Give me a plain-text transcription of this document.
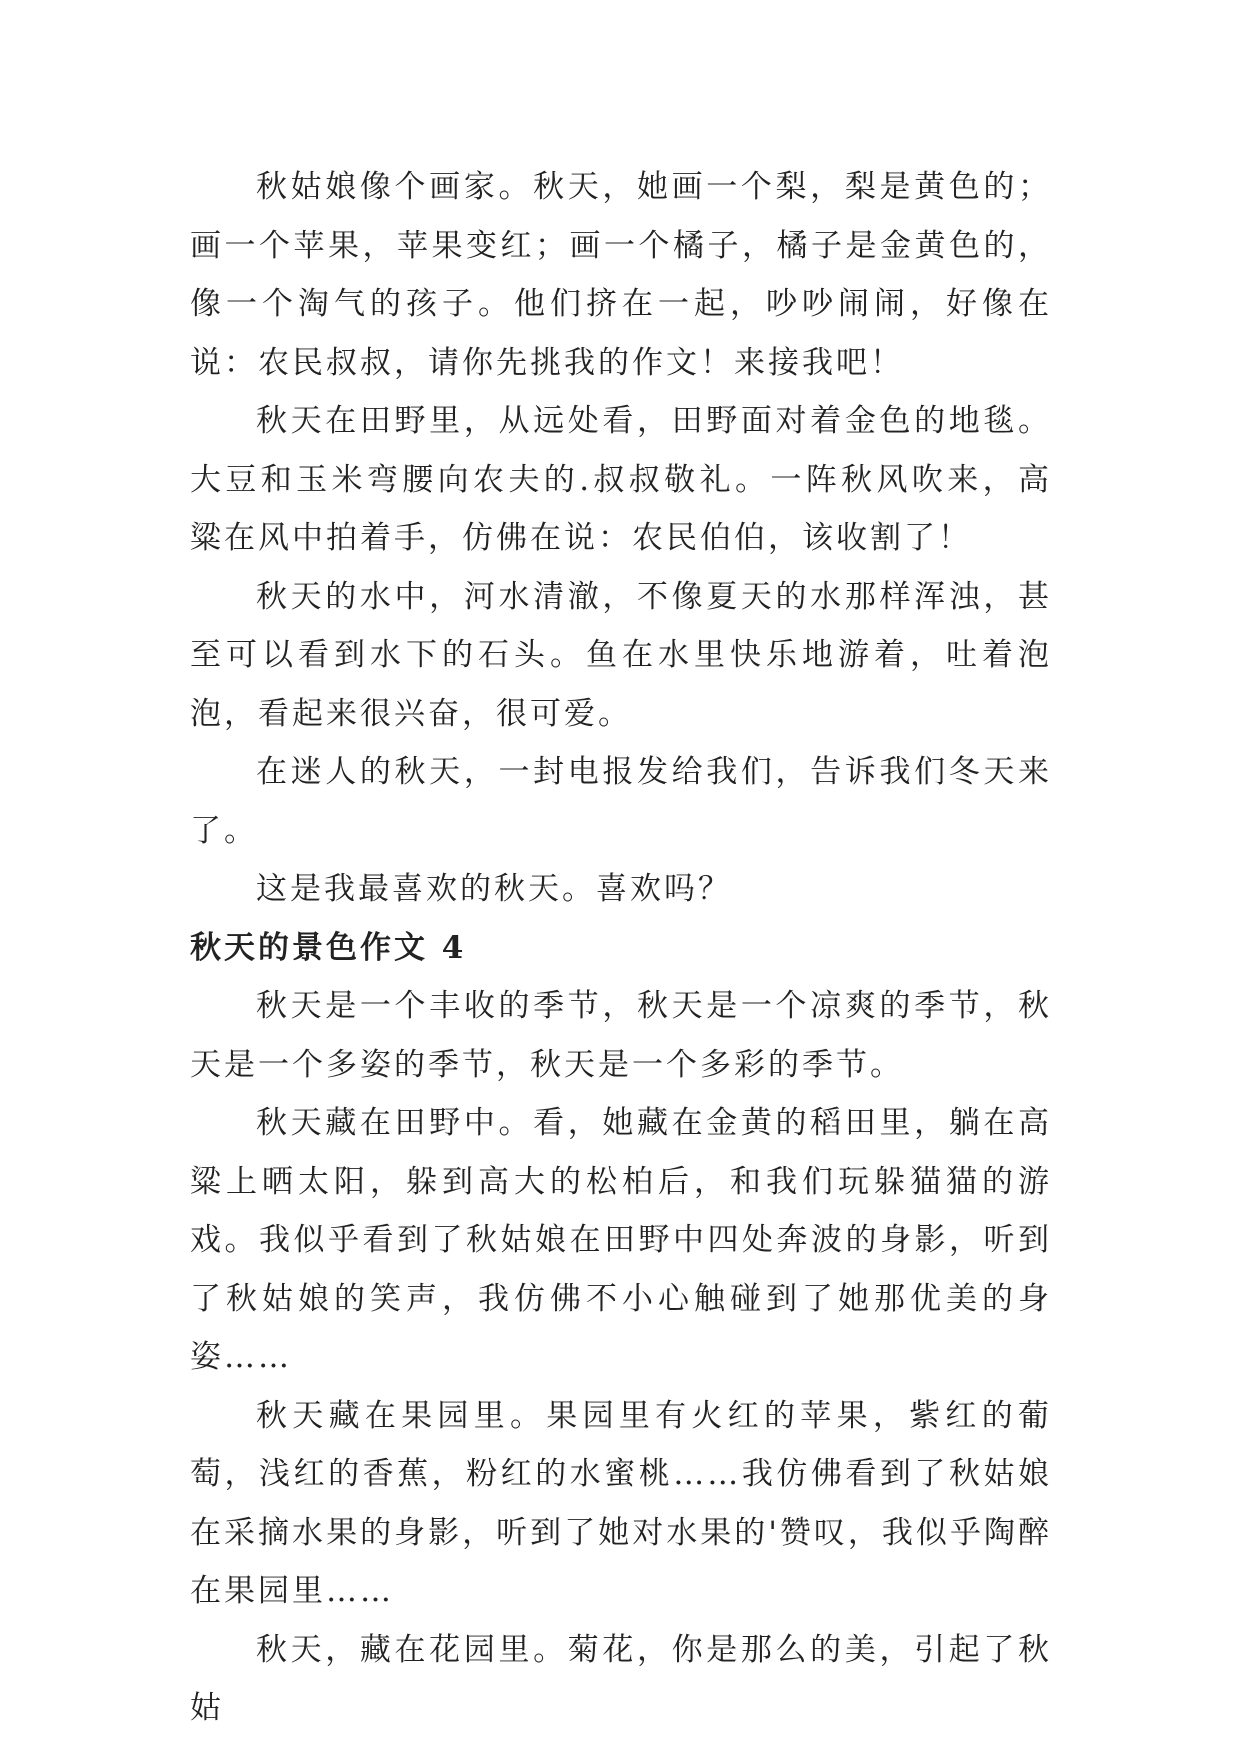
秋姑娘像个画家。秋天，她画一个梨，梨是黄色的；画一个苹果，苹果变红；画一个橘子，橘子是金黄色的，像一个淘气的孩子。他们挤在一起，吵吵闹闹，好像在说：农民叔叔，请你先挑我的作文！来接我吧！

秋天在田野里，从远处看，田野面对着金色的地毯。大豆和玉米弯腰向农夫的.叔叔敬礼。一阵秋风吹来，高粱在风中拍着手，仿佛在说：农民伯伯，该收割了！

秋天的水中，河水清澈，不像夏天的水那样浑浊，甚至可以看到水下的石头。鱼在水里快乐地游着，吐着泡泡，看起来很兴奋，很可爱。

在迷人的秋天，一封电报发给我们，告诉我们冬天来了。

这是我最喜欢的秋天。喜欢吗？

秋天的景色作文 4

秋天是一个丰收的季节，秋天是一个凉爽的季节，秋天是一个多姿的季节，秋天是一个多彩的季节。

秋天藏在田野中。看，她藏在金黄的稻田里，躺在高粱上晒太阳，躲到高大的松柏后，和我们玩躲猫猫的游戏。我似乎看到了秋姑娘在田野中四处奔波的身影，听到了秋姑娘的笑声，我仿佛不小心触碰到了她那优美的身姿……

秋天藏在果园里。果园里有火红的苹果，紫红的葡萄，浅红的香蕉，粉红的水蜜桃……我仿佛看到了秋姑娘在采摘水果的身影，听到了她对水果的'赞叹，我似乎陶醉在果园里……

秋天，藏在花园里。菊花，你是那么的美，引起了秋姑
